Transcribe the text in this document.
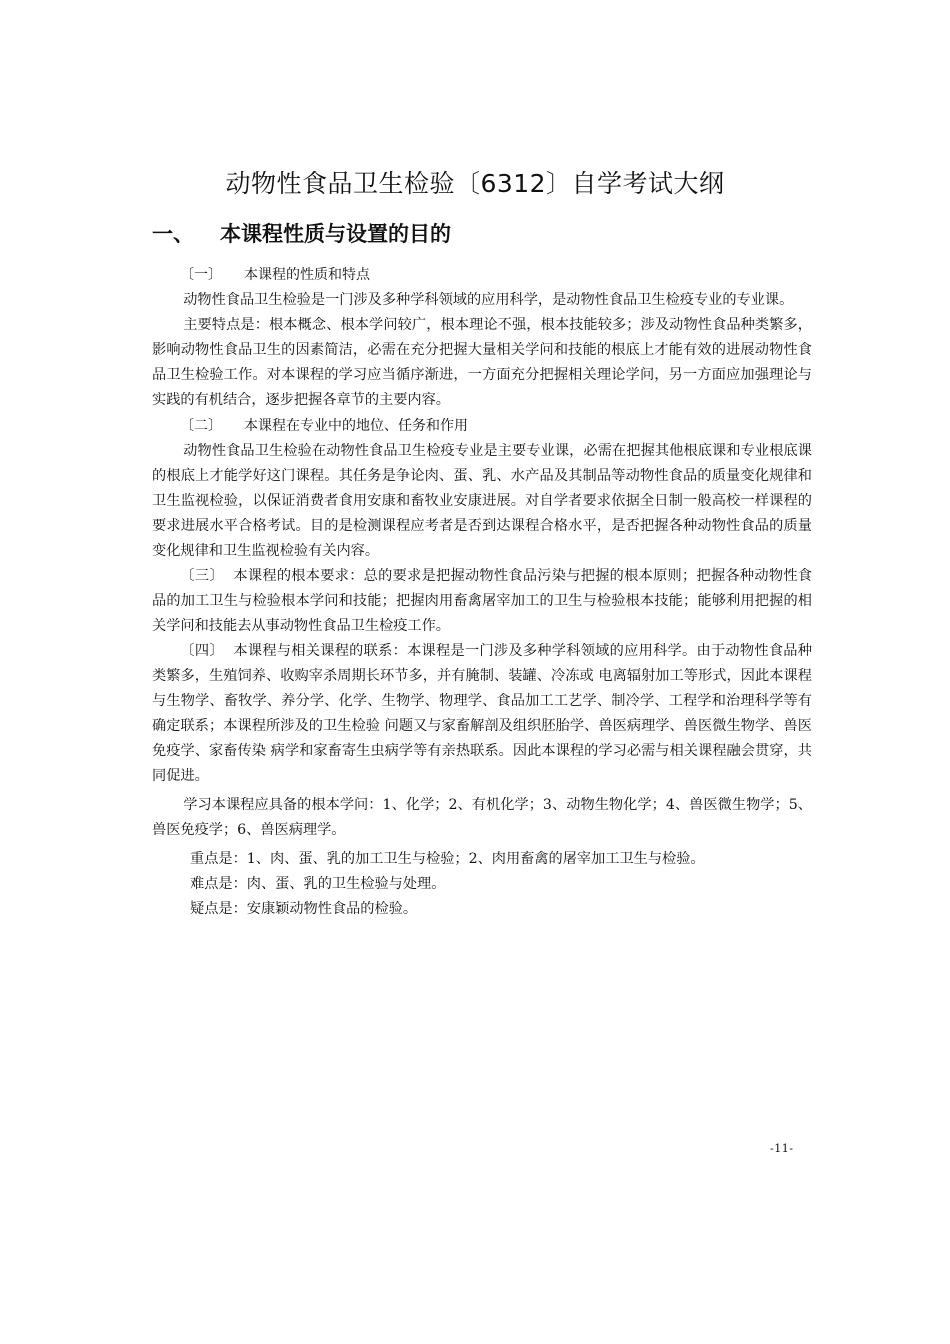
动物性食品卫生检验〔6312〕自学考试大纲
一、 本课程性质与设置的目的

〔一〕 本课程的性质和特点

动物性食品卫生检验是一门涉及多种学科领域的应用科学，是动物性食品卫生检疫专业的专业课。

主要特点是：根本概念、根本学问较广，根本理论不强，根本技能较多；涉及动物性食品种类繁多，影响动物性食品卫生的因素简洁，必需在充分把握大量相关学问和技能的根底上才能有效的进展动物性食品卫生检验工作。对本课程的学习应当循序渐进，一方面充分把握相关理论学问，另一方面应加强理论与实践的有机结合，逐步把握各章节的主要内容。

〔二〕 本课程在专业中的地位、任务和作用

动物性食品卫生检验在动物性食品卫生检疫专业是主要专业课，必需在把握其他根底课和专业根底课的根底上才能学好这门课程。其任务是争论肉、蛋、乳、水产品及其制品等动物性食品的质量变化规律和卫生监视检验，以保证消费者食用安康和畜牧业安康进展。对自学者要求依据全日制一般高校一样课程的要求进展水平合格考试。目的是检测课程应考者是否到达课程合格水平，是否把握各种动物性食品的质量变化规律和卫生监视检验有关内容。

〔三〕 本课程的根本要求：总的要求是把握动物性食品污染与把握的根本原则；把握各种动物性食品的加工卫生与检验根本学问和技能；把握肉用畜禽屠宰加工的卫生与检验根本技能；能够利用把握的相关学问和技能去从事动物性食品卫生检疫工作。

〔四〕 本课程与相关课程的联系：本课程是一门涉及多种学科领域的应用科学。由于动物性食品种类繁多，生殖饲养、收购宰杀周期长环节多，并有腌制、装罐、冷冻或 电离辐射加工等形式，因此本课程与生物学、畜牧学、养分学、化学、生物学、物理学、食品加工工艺学、制冷学、工程学和治理科学等有确定联系；本课程所涉及的卫生检验 问题又与家畜解剖及组织胚胎学、兽医病理学、兽医微生物学、兽医免疫学、家畜传染 病学和家畜寄生虫病学等有亲热联系。因此本课程的学习必需与相关课程融会贯穿，共 同促进。

学习本课程应具备的根本学问：1、化学；2、有机化学；3、动物生物化学；4、兽医微生物学；5、兽医免疫学；6、兽医病理学。

重点是：1、肉、蛋、乳的加工卫生与检验；2、肉用畜禽的屠宰加工卫生与检验。

难点是：肉、蛋、乳的卫生检验与处理。

疑点是：安康颖动物性食品的检验。

-11-
